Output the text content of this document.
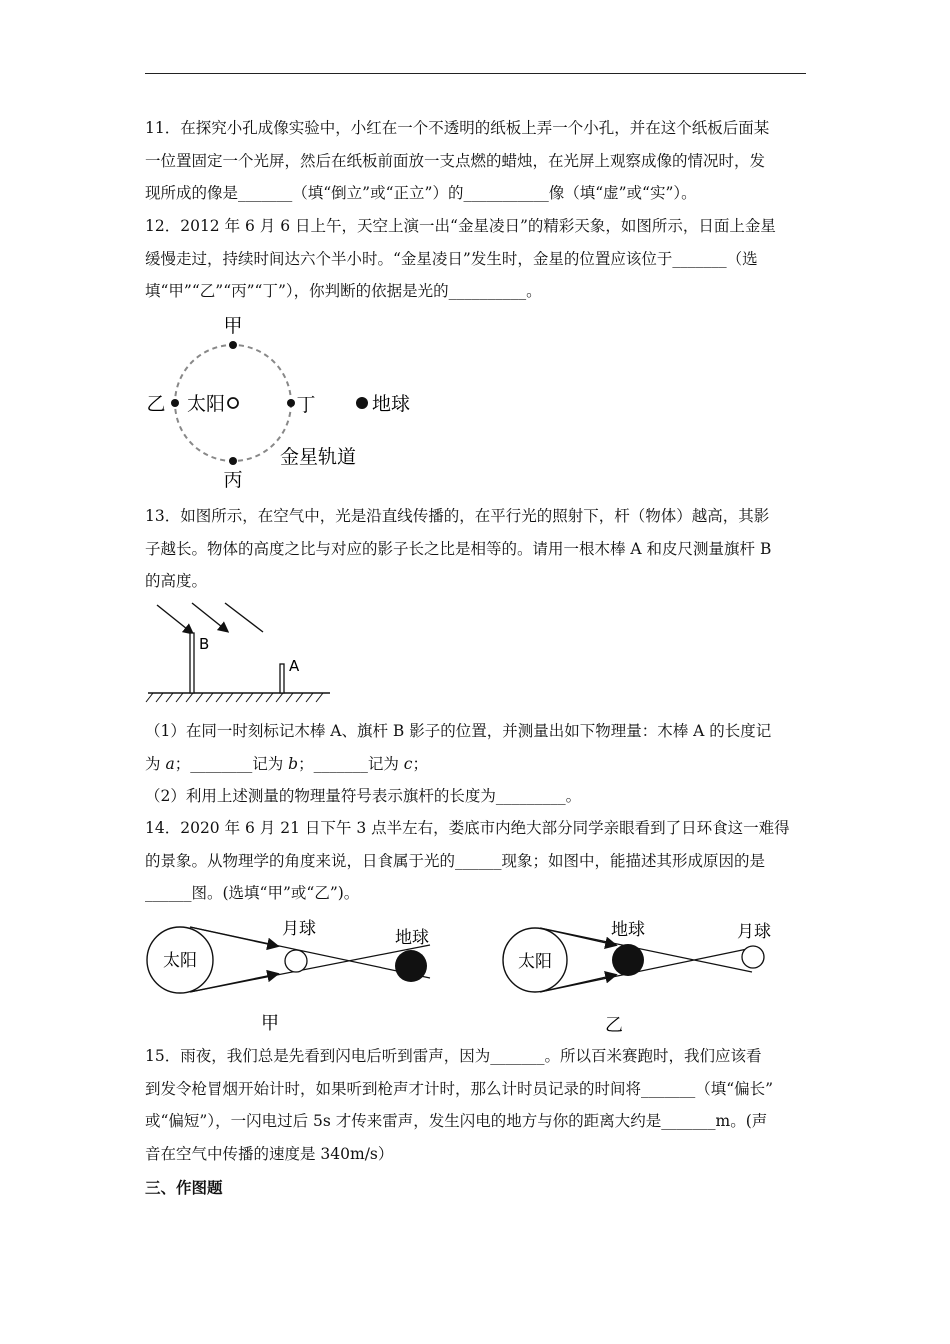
11．在探究小孔成像实验中，小红在一个不透明的纸板上弄一个小孔，并在这个纸板后面某
一位置固定一个光屏，然后在纸板前面放一支点燃的蜡烛，在光屏上观察成像的情况时，发
现所成的像是_______（填“倒立”或“正立”）的___________像（填“虚”或“实”）。
12．2012 年 6 月 6 日上午，天空上演一出“金星凌日”的精彩天象，如图所示，日面上金星
缓慢走过，持续时间达六个半小时。“金星凌日”发生时，金星的位置应该位于_______（选
填“甲”“乙”“丙”“丁”），你判断的依据是光的__________。
甲
乙
丙
丁
太阳	地球
金星轨道
13．如图所示，在空气中，光是沿直线传播的，在平行光的照射下，杆（物体）越高，其影
子越长。物体的高度之比与对应的影子长之比是相等的。请用一根木棒 A 和皮尺测量旗杆 B
的高度。
B
A
（1）在同一时刻标记木棒 A、旗杆 B 影子的位置，并测量出如下物理量：木棒 A 的长度记
为 a；________记为 b；_______记为 c；
（2）利用上述测量的物理量符号表示旗杆的长度为_________。
14．2020 年 6 月 21 日下午 3 点半左右，娄底市内绝大部分同学亲眼看到了日环食这一难得
的景象。从物理学的角度来说，日食属于光的______现象；如图中，能描述其形成原因的是
______图。(选填“甲”或“乙”)。
太阳
月球	地球
甲
太阳
地球	月球
乙
15．雨夜，我们总是先看到闪电后听到雷声，因为_______。所以百米赛跑时，我们应该看
到发令枪冒烟开始计时，如果听到枪声才计时，那么计时员记录的时间将_______（填“偏长”
或“偏短”），一闪电过后 5s 才传来雷声，发生闪电的地方与你的距离大约是_______m。(声
音在空气中传播的速度是 340m/s）
三、作图题
